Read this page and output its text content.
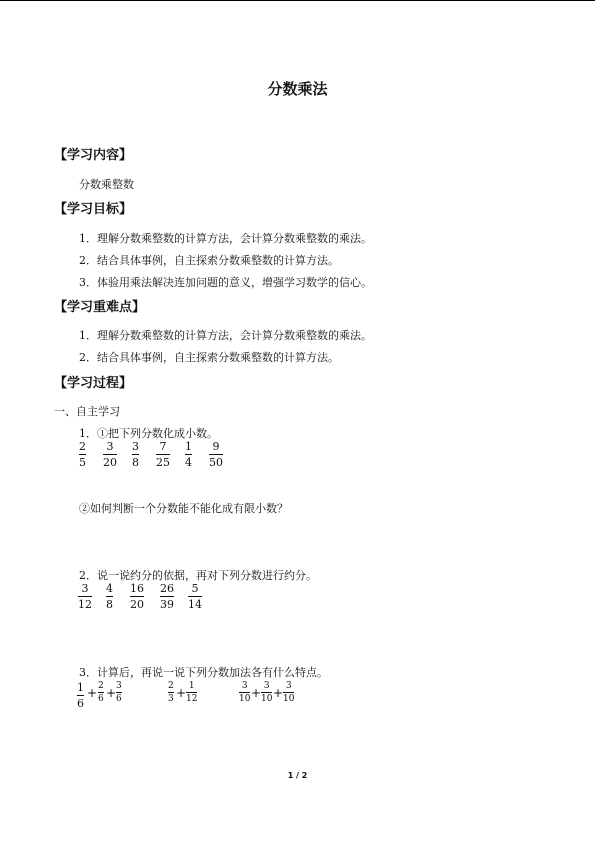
分数乘法
【学习内容】
分数乘整数
【学习目标】
1．理解分数乘整数的计算方法，会计算分数乘整数的乘法。
2．结合具体事例，自主探索分数乘整数的计算方法。
3．体验用乘法解决连加问题的意义，增强学习数学的信心。
【学习重难点】
1．理解分数乘整数的计算方法，会计算分数乘整数的乘法。
2．结合具体事例，自主探索分数乘整数的计算方法。
【学习过程】
一、自主学习
1．①把下列分数化成小数。
2
5
3
20
3
8
7
25
1
4
9
50
②如何判断一个分数能不能化成有限小数？
2．说一说约分的依据，再对下列分数进行约分。
3
12
4
8
16
20
26
39
5
14
3．计算后，再说一说下列分数加法各有什么特点。
1
6
+ 2
6 + 3
6
2
3 + 1
12
3
10 + 3
10 + 3
10
1 / 2
